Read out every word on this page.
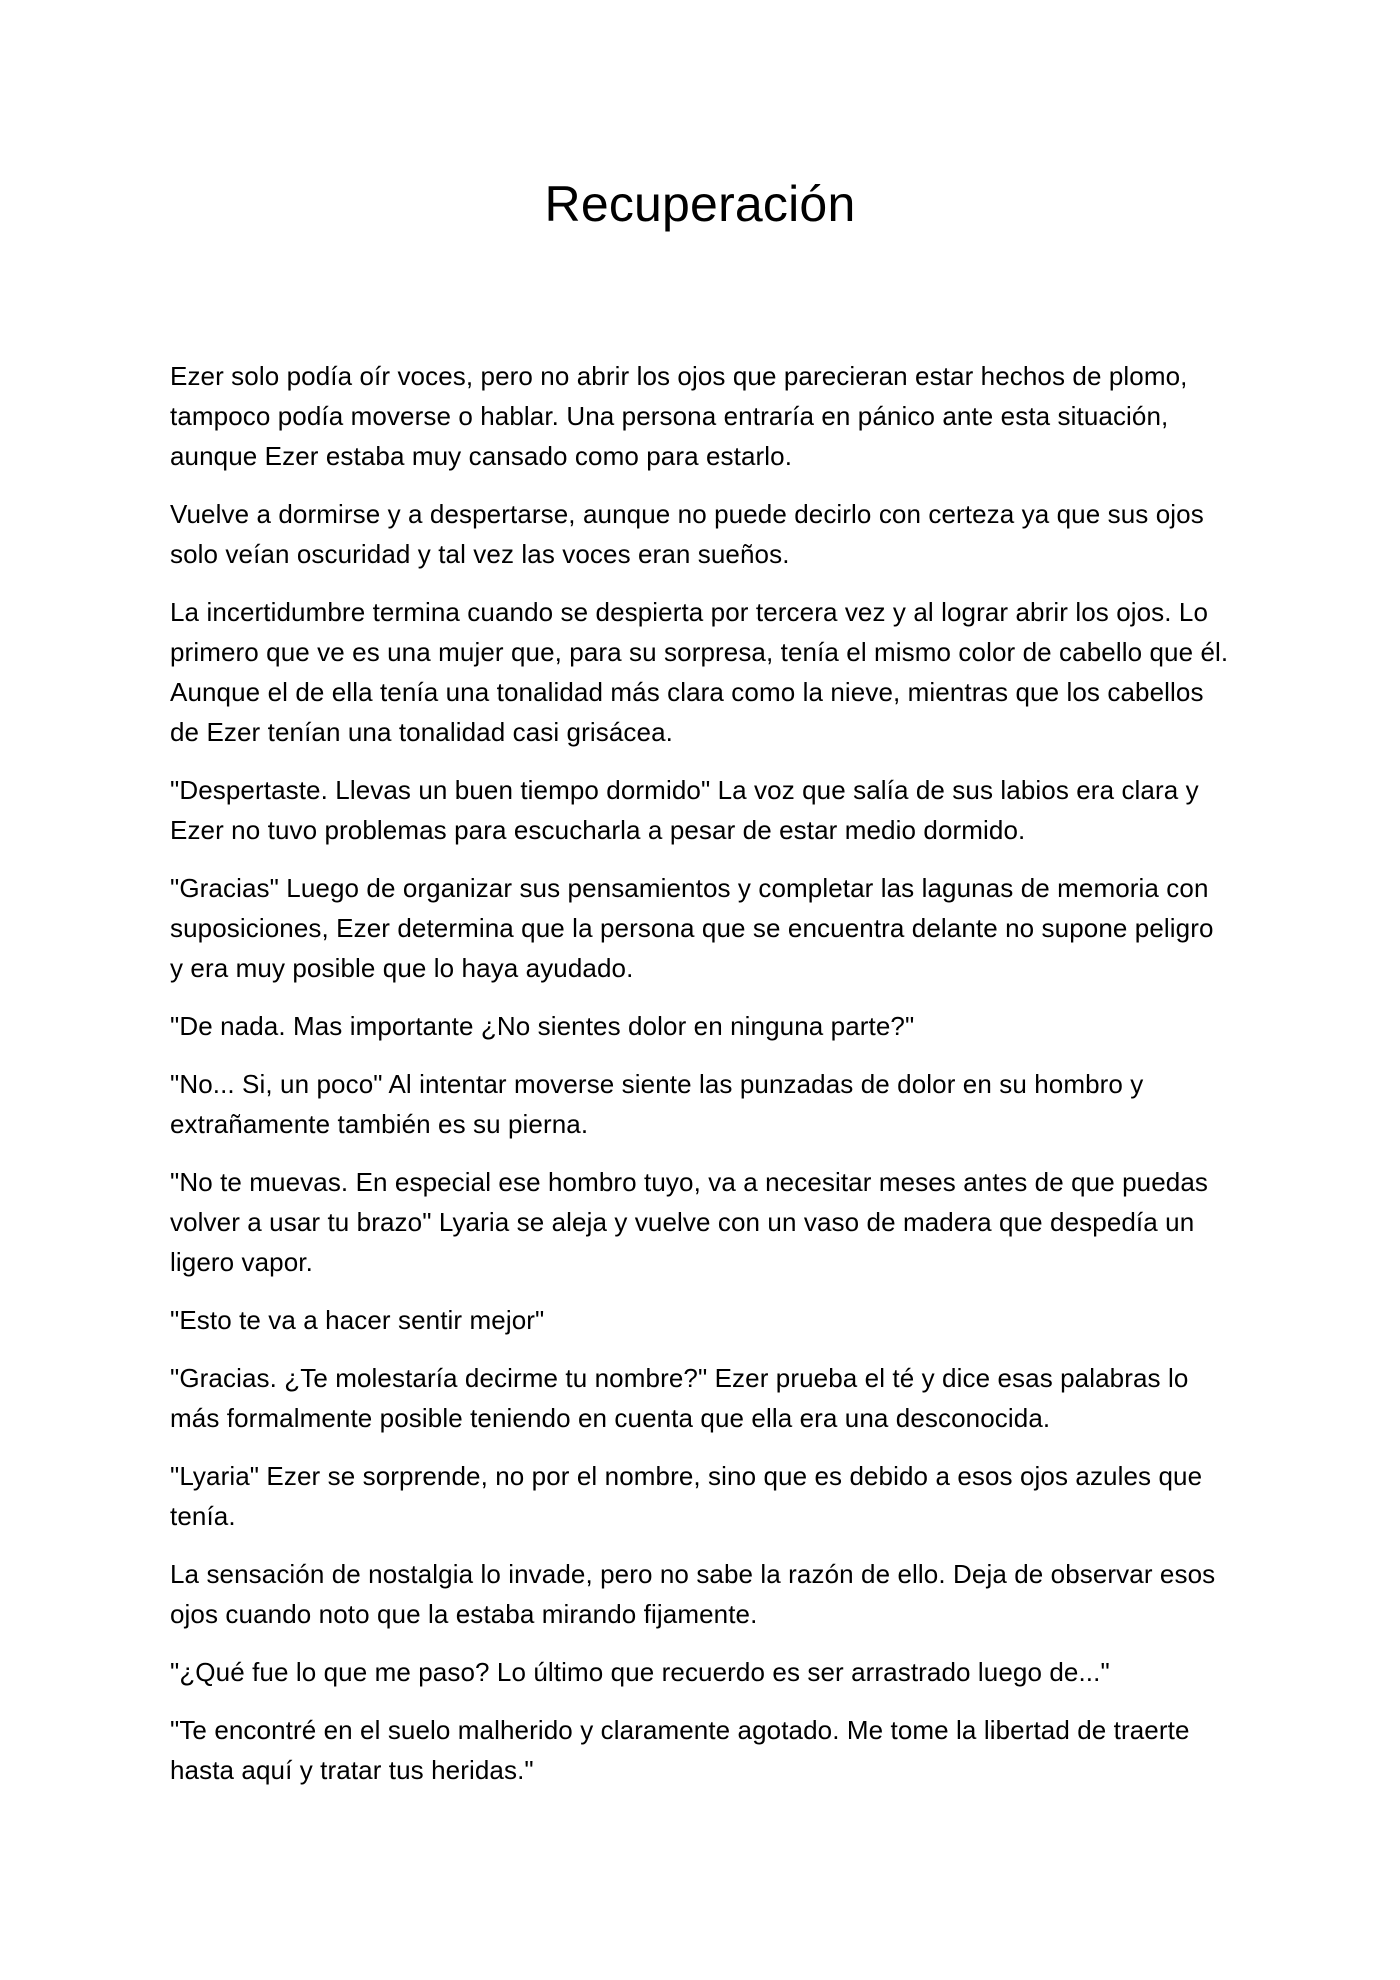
Recuperación

Ezer solo podía oír voces, pero no abrir los ojos que parecieran estar hechos de plomo, tampoco podía moverse o hablar. Una persona entraría en pánico ante esta situación, aunque Ezer estaba muy cansado como para estarlo.

Vuelve a dormirse y a despertarse, aunque no puede decirlo con certeza ya que sus ojos solo veían oscuridad y tal vez las voces eran sueños.

La incertidumbre termina cuando se despierta por tercera vez y al lograr abrir los ojos. Lo primero que ve es una mujer que, para su sorpresa, tenía el mismo color de cabello que él. Aunque el de ella tenía una tonalidad más clara como la nieve, mientras que los cabellos de Ezer tenían una tonalidad casi grisácea.

"Despertaste. Llevas un buen tiempo dormido" La voz que salía de sus labios era clara y Ezer no tuvo problemas para escucharla a pesar de estar medio dormido.

"Gracias" Luego de organizar sus pensamientos y completar las lagunas de memoria con suposiciones, Ezer determina que la persona que se encuentra delante no supone peligro y era muy posible que lo haya ayudado.

"De nada. Mas importante ¿No sientes dolor en ninguna parte?"

"No... Si, un poco" Al intentar moverse siente las punzadas de dolor en su hombro y extrañamente también es su pierna.

"No te muevas. En especial ese hombro tuyo, va a necesitar meses antes de que puedas volver a usar tu brazo" Lyaria se aleja y vuelve con un vaso de madera que despedía un ligero vapor.

"Esto te va a hacer sentir mejor"

"Gracias. ¿Te molestaría decirme tu nombre?" Ezer prueba el té y dice esas palabras lo más formalmente posible teniendo en cuenta que ella era una desconocida.

"Lyaria" Ezer se sorprende, no por el nombre, sino que es debido a esos ojos azules que tenía.

La sensación de nostalgia lo invade, pero no sabe la razón de ello. Deja de observar esos ojos cuando noto que la estaba mirando fijamente.

"¿Qué fue lo que me paso? Lo último que recuerdo es ser arrastrado luego de..."

"Te encontré en el suelo malherido y claramente agotado. Me tome la libertad de traerte hasta aquí y tratar tus heridas."
